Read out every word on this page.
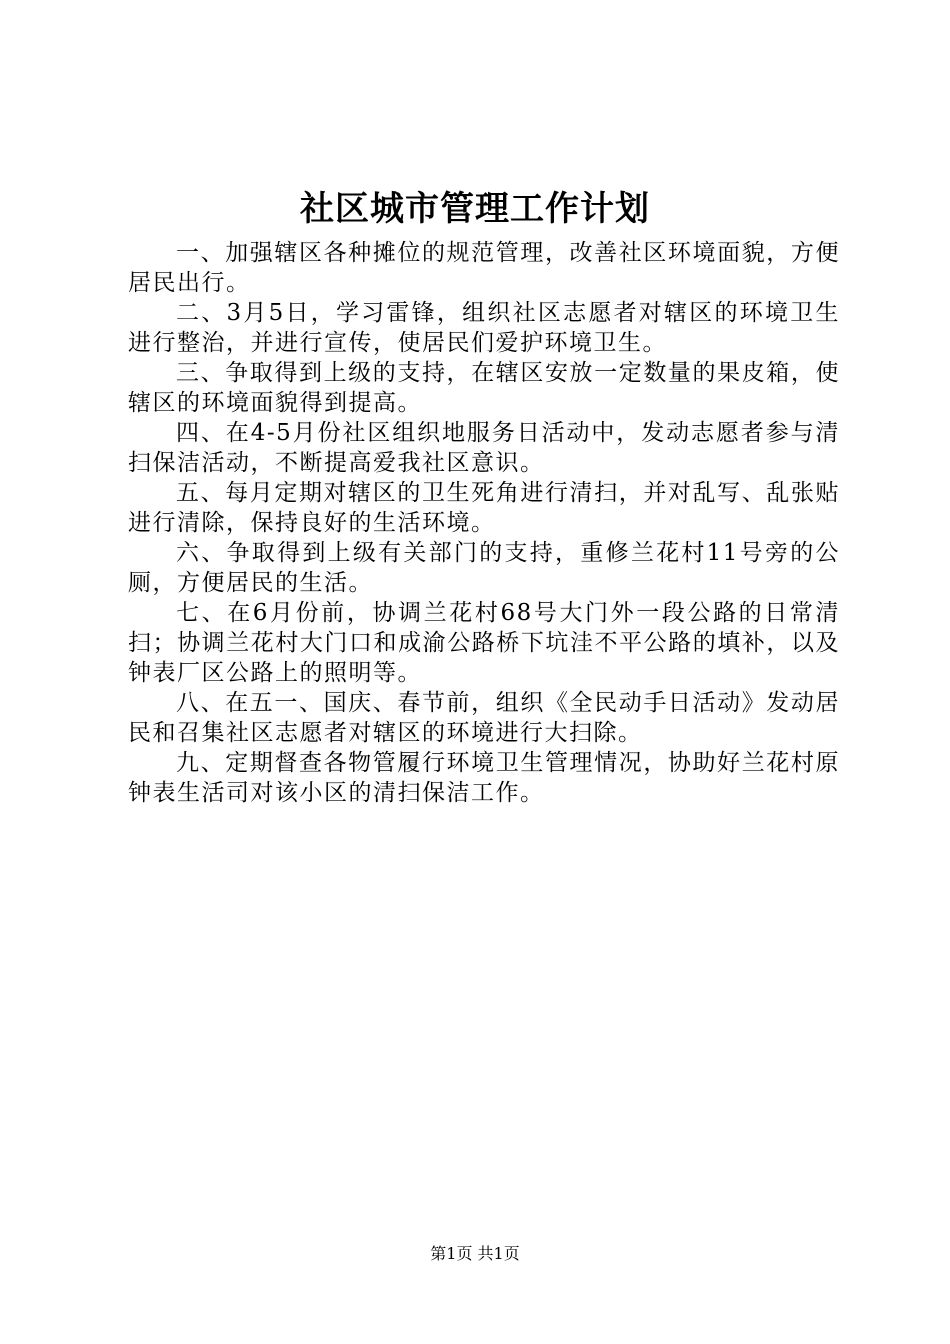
社区城市管理工作计划

一、加强辖区各种摊位的规范管理，改善社区环境面貌，方便居民出行。

二、3月5日，学习雷锋，组织社区志愿者对辖区的环境卫生进行整治，并进行宣传，使居民们爱护环境卫生。

三、争取得到上级的支持，在辖区安放一定数量的果皮箱，使辖区的环境面貌得到提高。

四、在4-5月份社区组织地服务日活动中，发动志愿者参与清扫保洁活动，不断提高爱我社区意识。

五、每月定期对辖区的卫生死角进行清扫，并对乱写、乱张贴进行清除，保持良好的生活环境。

六、争取得到上级有关部门的支持，重修兰花村11号旁的公厕，方便居民的生活。

七、在6月份前，协调兰花村68号大门外一段公路的日常清扫；协调兰花村大门口和成渝公路桥下坑洼不平公路的填补，以及钟表厂区公路上的照明等。

八、在五一、国庆、春节前，组织《全民动手日活动》发动居民和召集社区志愿者对辖区的环境进行大扫除。

九、定期督查各物管履行环境卫生管理情况，协助好兰花村原钟表生活司对该小区的清扫保洁工作。

第1页 共1页
